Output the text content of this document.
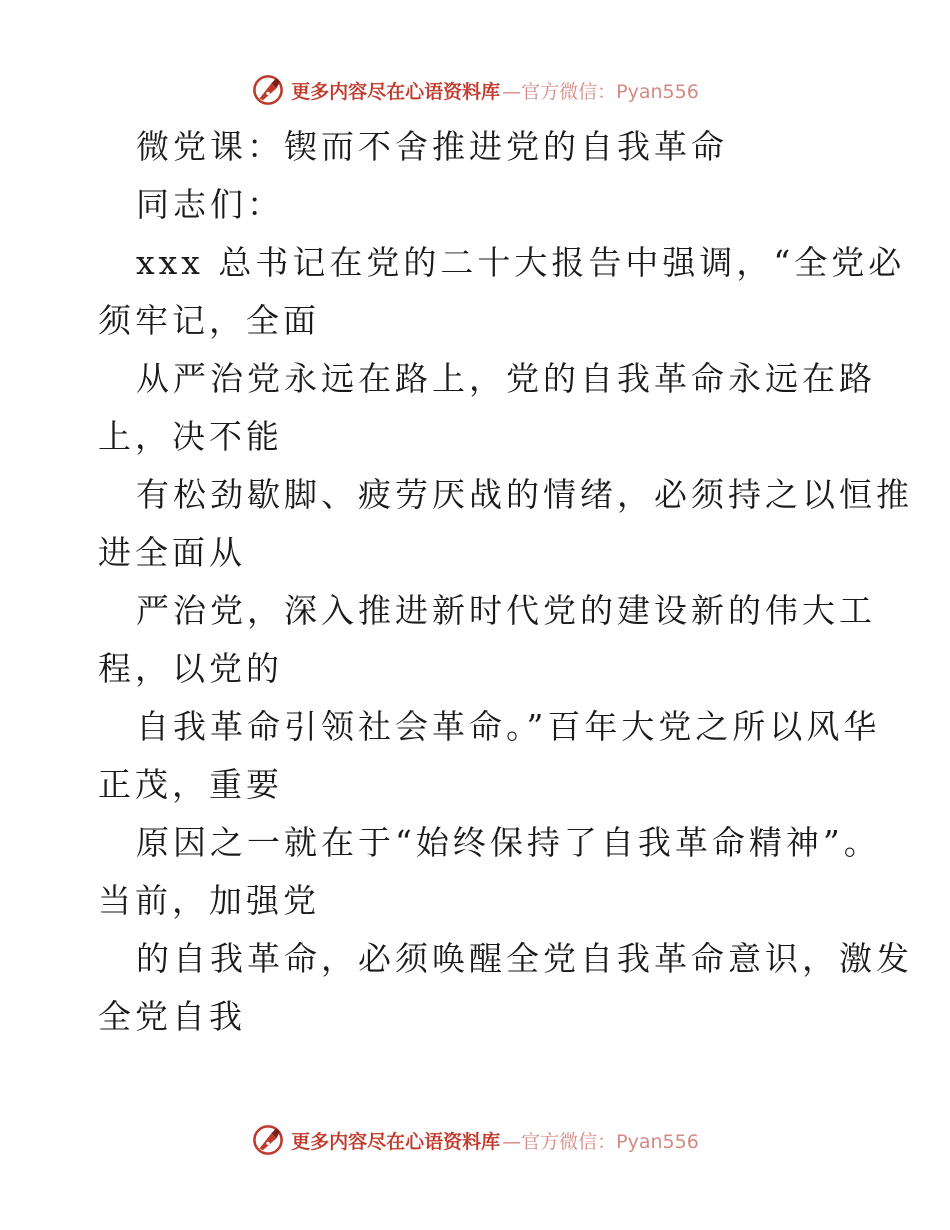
更多内容尽在心语资料库 —官方微信：Pyan556
微党课：锲而不舍推进党的自我革命
同志们：
xxx 总书记在党的二十大报告中强调，“全党必
须牢记，全面
从严治党永远在路上，党的自我革命永远在路
上，决不能
有松劲歇脚、疲劳厌战的情绪，必须持之以恒推
进全面从
严治党，深入推进新时代党的建设新的伟大工
程，以党的
自我革命引领社会革命。”百年大党之所以风华
正茂，重要
原因之一就在于“始终保持了自我革命精神”。
当前，加强党
的自我革命，必须唤醒全党自我革命意识，激发
全党自我
更多内容尽在心语资料库 —官方微信：Pyan556
